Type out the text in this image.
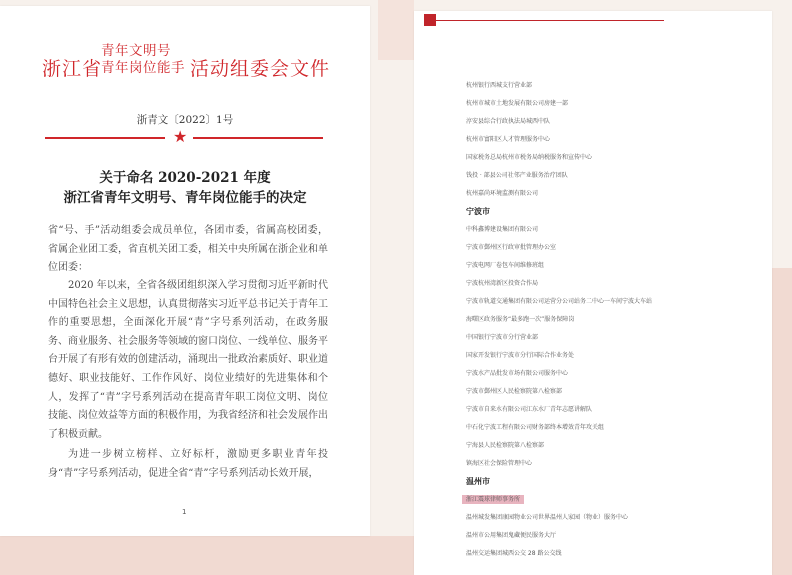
浙江省
青年文明号
青年岗位能手 活动组委会文件
浙青文〔2022〕1号
★
关于命名 2020-2021 年度
浙江省青年文明号、青年岗位能手的决定
省“号、手”活动组委会成员单位，各团市委，省属高校团委，省属企业团工委，省直机关团工委，相关中央所属在浙企业和单位团委：
2020 年以来，全省各级团组织深入学习贯彻习近平新时代中国特色社会主义思想，认真贯彻落实习近平总书记关于青年工作的重要思想，全面深化开展“青”字号系列活动，在政务服务、商业服务、社会服务等领域的窗口岗位、一线单位、服务平台开展了有形有效的创建活动，涌现出一批政治素质好、职业道德好、职业技能好、工作作风好、岗位业绩好的先进集体和个人，发挥了“青”字号系列活动在提高青年职工岗位文明、岗位技能、岗位效益等方面的积极作用，为我省经济和社会发展作出了积极贡献。
为进一步树立榜样、立好标杆，激励更多职业青年投身“青”字号系列活动，促进全省“青”字号系列活动长效开展，
1
杭州银行西城支行营业部
杭州市城市土地发展有限公司房建一部
淳安县综合行政执法局城西中队
杭州市富阳区人才管理服务中心
国家税务总局杭州市税务局纳税服务和宣传中心
钱投 · 部县公司社邻产业服务治疗团队
杭州嘉尚环境监测有限公司
宁波市
中科鑫博建设集团有限公司
宁波市鄞州区行政审批管理办公室
宁波电网厂卷包车间维修班组
宁波杭州湾新区投资合作局
宁波市轨道交通集团有限公司运营分公司站务二中心一车间宁波大车站
海曙区政务服务“最多跑一次”服务保障岗
中国银行宁波市分行营业部
国家开发银行宁波市分行国际合作业务处
宁波水产品批发市场有限公司服务中心
宁波市鄞州区人民检察院第八检察部
宁波市自来水有限公司江东水厂青年志愿讲解队
中石化宁波工程有限公司财务部终本增效青年攻关组
宁海县人民检察院第八检察部
镇海区社会保险管理中心
温州市
浙江震球律师事务所
温州城发集团康园物业公司世界温州人家园（物业）服务中心
温州市公用集团鬼藏便民服务大厅
温州交运集团城西公交 28 路公交线
